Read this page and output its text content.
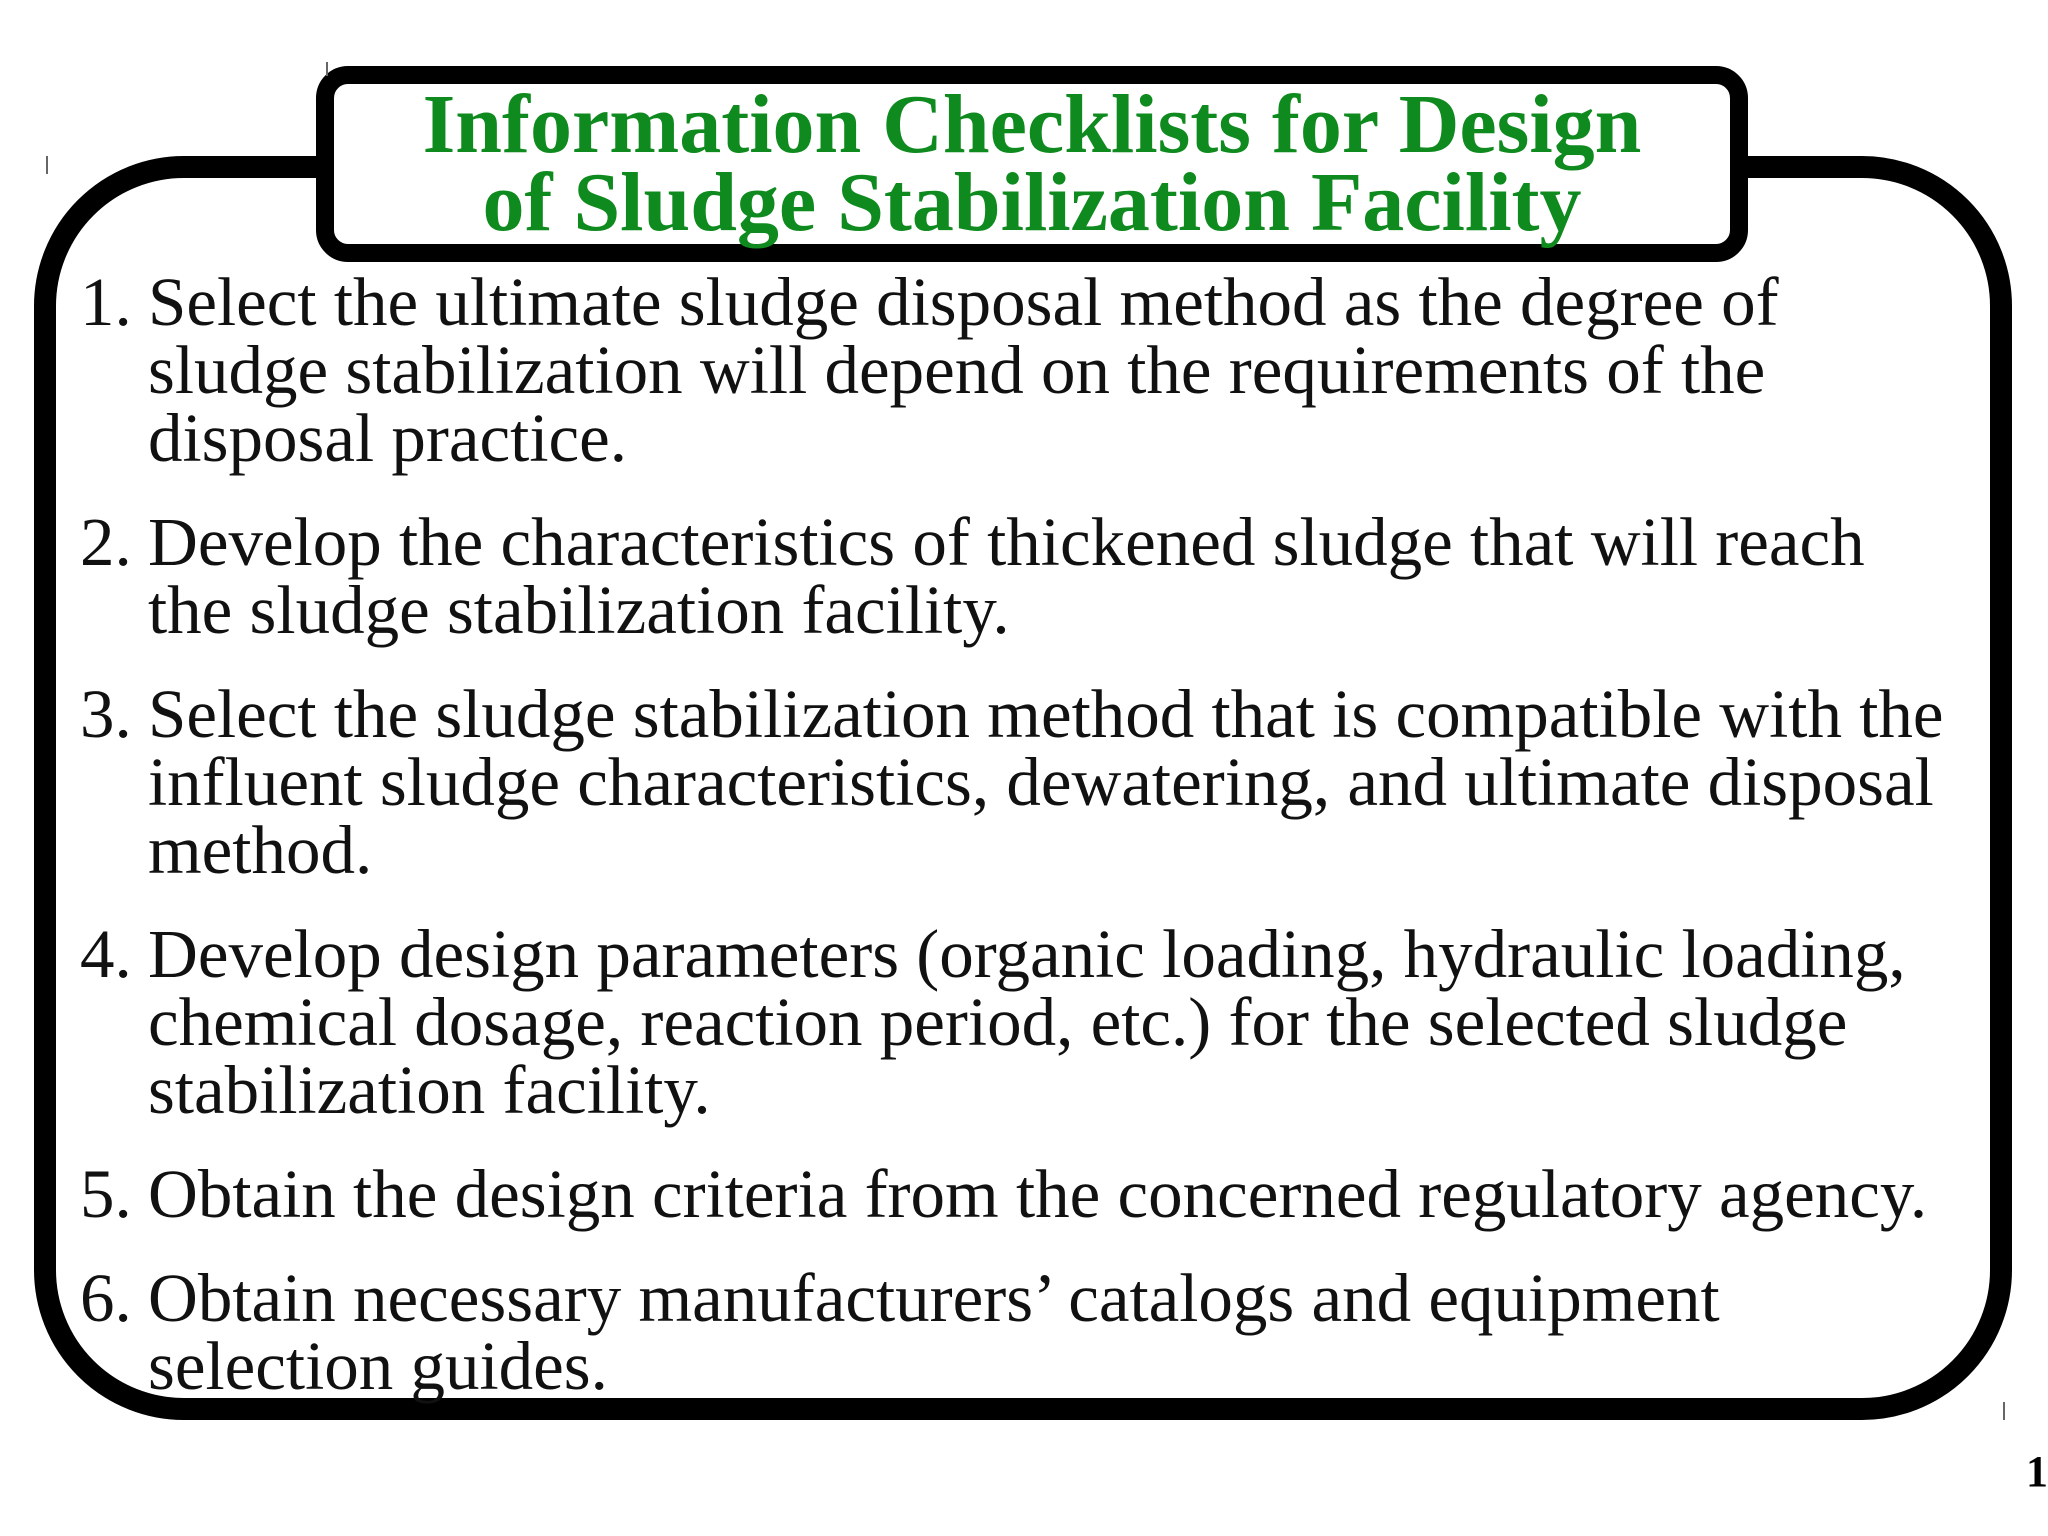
Information Checklists for Design
of Sludge Stabilization Facility
1. Select the ultimate sludge disposal method as the degree of
sludge stabilization will depend on the requirements of the
disposal practice.
2. Develop the characteristics of thickened sludge that will reach
the sludge stabilization facility.
3. Select the sludge stabilization method that is compatible with the
influent sludge characteristics, dewatering, and ultimate disposal
method.
4. Develop design parameters (organic loading, hydraulic loading,
chemical dosage, reaction period, etc.) for the selected sludge
stabilization facility.
5. Obtain the design criteria from the concerned regulatory agency.
6. Obtain necessary manufacturers’ catalogs and equipment
selection guides.
1
